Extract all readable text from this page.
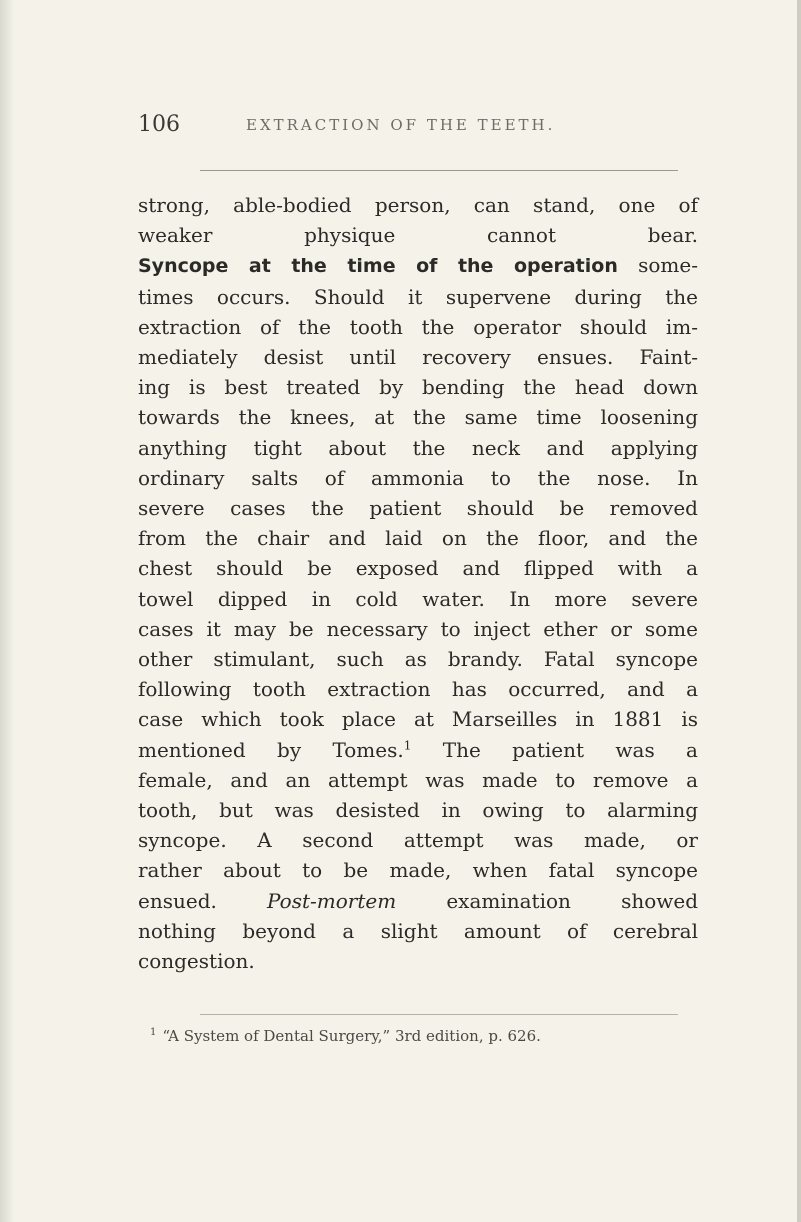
106	EXTRACTION OF THE TEETH.
strong, able-bodied person, can stand, one of
weaker physique cannot bear.
Syncope at the time of the operation some-
times occurs. Should it supervene during the
extraction of the tooth the operator should im-
mediately desist until recovery ensues. Faint-
ing is best treated by bending the head down
towards the knees, at the same time loosening
anything tight about the neck and applying
ordinary salts of ammonia to the nose. In
severe cases the patient should be removed
from the chair and laid on the floor, and the
chest should be exposed and flipped with a
towel dipped in cold water. In more severe
cases it may be necessary to inject ether or some
other stimulant, such as brandy. Fatal syncope
following tooth extraction has occurred, and a
case which took place at Marseilles in 1881 is
mentioned by Tomes.$^1$ The patient was a
female, and an attempt was made to remove a
tooth, but was desisted in owing to alarming
syncope. A second attempt was made, or
rather about to be made, when fatal syncope
ensued. Post-mortem examination showed
nothing beyond a slight amount of cerebral
congestion.
$^1$ “A System of Dental Surgery,” 3rd edition, p. 626.
